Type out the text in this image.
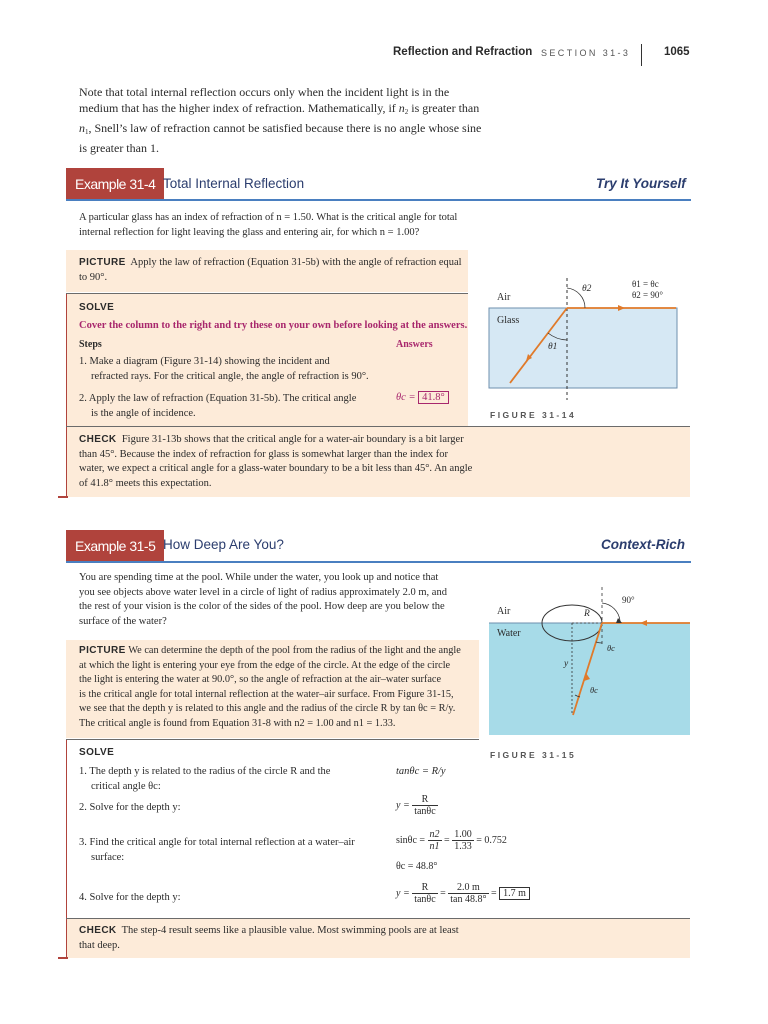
Reflection and Refraction SECTION 31-3	1065
Note that total internal reflection occurs only when the incident light is in the
medium that has the higher index of refraction. Mathematically, if $n_2$ is greater than
$n_1$, Snell’s law of refraction cannot be satisfied because there is no angle whose sine
is greater than 1.
Example 31-4 Total Internal Reflection	Try It Yourself
A particular glass has an index of refraction of n = 1.50. What is the critical angle for total
internal reflection for light leaving the glass and entering air, for which n = 1.00?
PICTURE Apply the law of refraction (Equation 31-5b) with the angle of refraction equal
to 90°.
SOLVE
Cover the column to the right and try these on your own before looking at the answers.
Steps	Answers
1. Make a diagram (Figure 31-14) showing the incident and
refracted rays. For the critical angle, the angle of refraction is 90°.
2. Apply the law of refraction (Equation 31-5b). The critical angle
is the angle of incidence.
θc = 41.8°
Air
Glass
θ2
θ1
θ1 = θc
θ2 = 90°
FIGURE 31-14
CHECK Figure 31-13b shows that the critical angle for a water-air boundary is a bit larger
than 45°. Because the index of refraction for glass is somewhat larger than the index for
water, we expect a critical angle for a glass-water boundary to be a bit less than 45°. An angle
of 41.8° meets this expectation.
Example 31-5 How Deep Are You?	Context-Rich
You are spending time at the pool. While under the water, you look up and notice that
you see objects above water level in a circle of light of radius approximately 2.0 m, and
the rest of your vision is the color of the sides of the pool. How deep are you below the
surface of the water?
PICTURE We can determine the depth of the pool from the radius of the light and the angle
at which the light is entering your eye from the edge of the circle. At the edge of the circle
the light is entering the water at 90.0°, so the angle of refraction at the air–water surface
is the critical angle for total internal reflection at the water–air surface. From Figure 31-15,
we see that the depth y is related to this angle and the radius of the circle R by tan θc = R/y.
The critical angle is found from Equation 31-8 with n2 = 1.00 and n1 = 1.33.
Air
Water
R
y
90°
θc
θc
FIGURE 31-15
SOLVE
1. The depth y is related to the radius of the circle R and the
critical angle θc:
tanθc = R/y
2. Solve for the depth y:	$y = \frac{R}{\tan\theta c}$
3. Find the critical angle for total internal reflection at a water–air
surface:
$\sin\theta c = \frac{n2}{n1} = \frac{1.00}{1.33} = 0.752$
θc = 48.8°
4. Solve for the depth y:	$y = \frac{R}{\tan\theta c} = \frac{2.0 m}{\tan 48.8^\circ} = 1.7$ m
CHECK The step-4 result seems like a plausible value. Most swimming pools are at least
that deep.
